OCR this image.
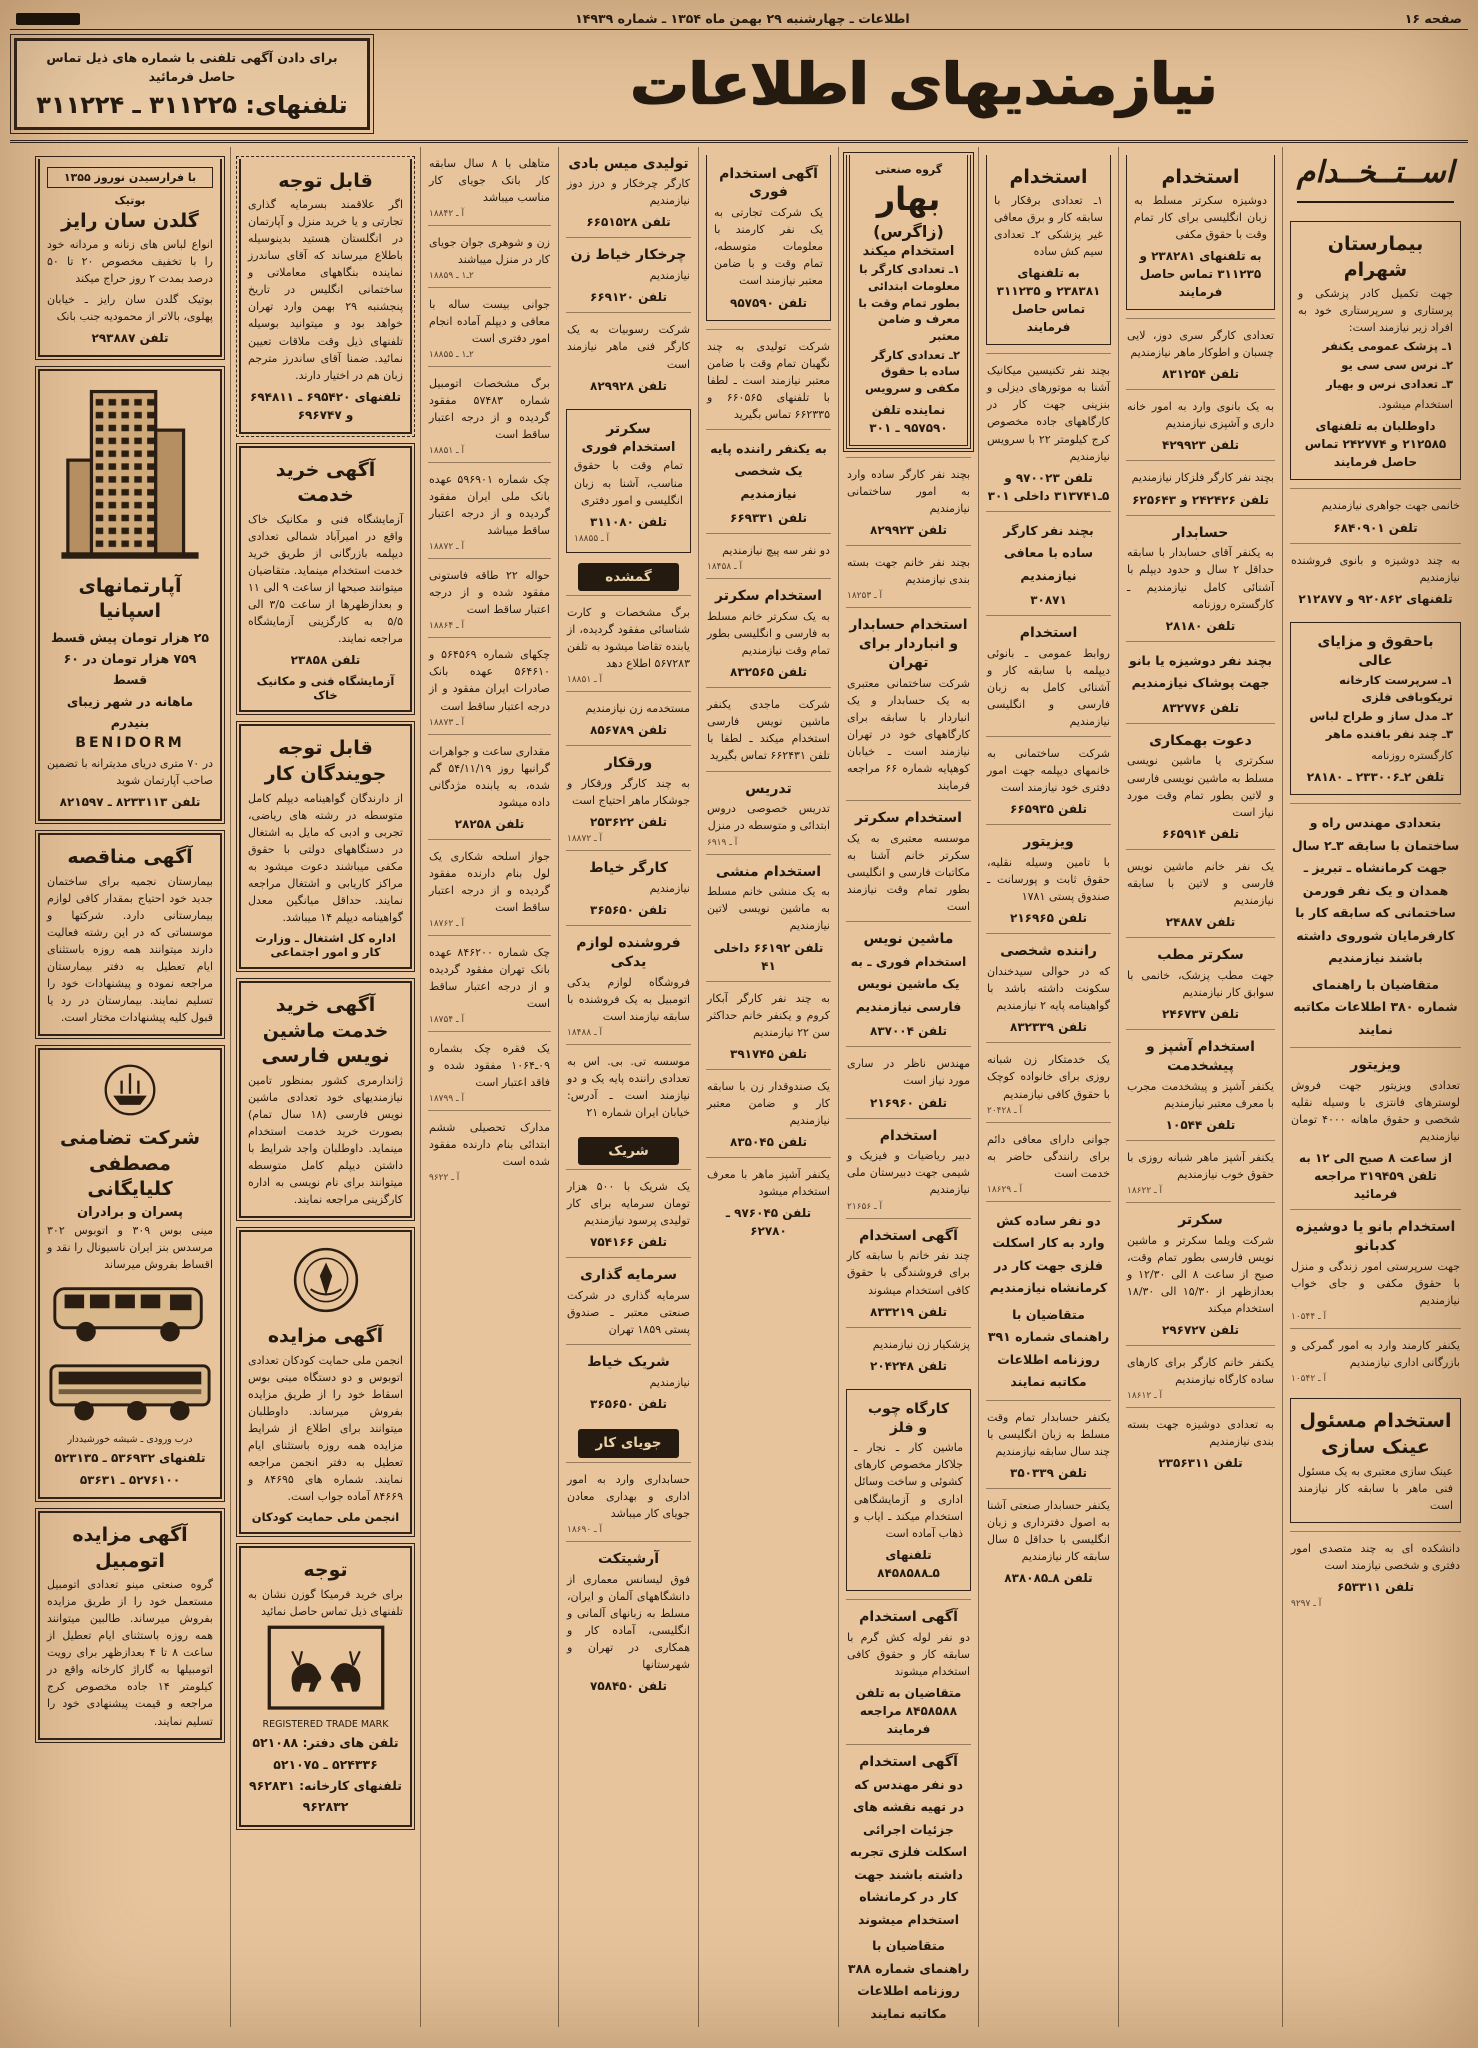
صفحه ۱۶
اطلاعات ـ چهارشنبه ۲۹ بهمن ماه ۱۳۵۴ ـ شماره ۱۴۹۳۹
نیازمندیهای اطلاعات
برای دادن آگهی تلفنی با شماره های ذیل تماس حاصل فرمائید
تلفنهای: ۳۱۱۲۲۵ ـ ۳۱۱۲۲۴
اســتــخــدام
بیمارستان
شهرام
جهت تکمیل کادر پزشکی و پرستاری و سرپرستاری خود به افراد زیر نیازمند است:
۱ـ پزشک عمومی یکنفر
۲ـ نرس سی سی یو
۳ـ تعدادی نرس و بهیار
استخدام میشود.
داوطلبان به تلفنهای ۲۱۲۵۸۵ و ۲۴۲۷۷۴ تماس حاصل فرمایند
خانمی جهت جواهری نیازمندیم
تلفن ۶۸۴۰۹۰۱
به چند دوشیزه و بانوی فروشنده نیازمندیم
تلفنهای ۹۲۰۸۶۲ و ۲۱۲۸۷۷
باحقوق و مزایای عالی
۱ـ سرپرست کارخانه تریکوبافی فلزی
۲ـ مدل ساز و طراح لباس
۳ـ چند نفر بافنده ماهر
کارگستره روزنامه
تلفن ۲ـ۲۳۳۰۰۶ ـ ۲۸۱۸۰
بتعدادی مهندس راه و ساختمان با سابقه ۳ـ۲ سال جهت کرمانشاه ـ تبریز ـ همدان و یک نفر فورمن ساختمانی که سابقه کار با کارفرمایان شوروی داشته باشند نیازمندیم
متقاضیان با راهنمای شماره ۳۸۰ اطلاعات مکاتبه نمایند
ویزیتور
تعدادی ویزیتور جهت فروش لوسترهای فانتزی با وسیله نقلیه شخصی و حقوق ماهانه ۴۰۰۰ تومان نیازمندیم
از ساعت ۸ صبح الی ۱۲ به تلفن ۳۱۹۴۵۹ مراجعه فرمائید
استخدام بانو یا دوشیزه کدبانو
جهت سرپرستی امور زندگی و منزل با حقوق مکفی و جای خواب نیازمندیم
آ ـ ۱۰۵۴۴
یکنفر کارمند وارد به امور گمرکی و بازرگانی اداری نیازمندیم
آ ـ ۱۰۵۴۲
استخدام مسئول
عینک سازی
عینک سازی معتبری به یک مسئول فنی ماهر با سابقه کار نیازمند است
دانشکده ای به چند متصدی امور دفتری و شخصی نیازمند است
تلفن ۶۵۳۳۱۱
آ ـ ۹۲۹۷
استخدام
دوشیزه سکرتر مسلط به زبان انگلیسی برای کار تمام وقت با حقوق مکفی
به تلفنهای ۲۳۸۲۸۱ و ۳۱۱۲۳۵ تماس حاصل فرمایند
تعدادی کارگر سری دوز، لایی چسبان و اطوکار ماهر نیازمندیم
تلفن ۸۳۱۲۵۴
به یک بانوی وارد به امور خانه داری و آشپزی نیازمندیم
تلفن ۴۲۹۹۲۳
بچند نفر کارگر فلزکار نیازمندیم
تلفن ۲۴۲۴۲۶ و ۶۲۵۶۴۳
حسابدار
به یکنفر آقای حسابدار با سابقه حداقل ۲ سال و حدود دیپلم با آشنائی کامل نیازمندیم ـ کارگستره روزنامه
تلفن ۲۸۱۸۰
بچند نفر دوشیزه یا بانو جهت پوشاک نیازمندیم
تلفن ۸۳۲۷۷۶
دعوت بهمکاری
سکرتری یا ماشین نویسی مسلط به ماشین نویسی فارسی و لاتین بطور تمام وقت مورد نیاز است
تلفن ۶۶۵۹۱۴
یک نفر خانم ماشین نویس فارسی و لاتین با سابقه نیازمندیم
تلفن ۲۴۸۸۷
سکرتر مطب
جهت مطب پزشک، خانمی با سوابق کار نیازمندیم
تلفن ۲۴۶۷۳۷
استخدام آشپز و پیشخدمت
یکنفر آشپز و پیشخدمت مجرب با معرف معتبر نیازمندیم
تلفن ۱۰۵۴۴
یکنفر آشپز ماهر شبانه روزی با حقوق خوب نیازمندیم
آ ـ ۱۸۶۲۲
سکرتر
شرکت ویلما سکرتر و ماشین نویس فارسی بطور تمام وقت، صبح از ساعت ۸ الی ۱۲/۳۰ و بعدازظهر از ۱۵/۳۰ الی ۱۸/۳۰ استخدام میکند
تلفن ۲۹۶۷۲۷
یکنفر خانم کارگر برای کارهای ساده کارگاه نیازمندیم
آ ـ ۱۸۶۱۲
به تعدادی دوشیزه جهت بسته بندی نیازمندیم
تلفن ۲۳۵۶۳۱۱
استخدام
۱ـ تعدادی برقکار با سابقه کار و برق معافی غیر پزشکی ۲ـ تعدادی سیم کش ساده
به تلفنهای ۲۳۸۳۸۱ و ۳۱۱۲۳۵ تماس حاصل فرمایند
بچند نفر تکنیسین میکانیک آشنا به موتورهای دیزلی و بنزینی جهت کار در کارگاههای جاده مخصوص کرج کیلومتر ۲۲ با سرویس نیازمندیم
تلفن ۹۷۰۰۲۳ و ۵ـ۳۱۳۷۴۱ داخلی ۳۰۱
بچند نفر کارگر ساده با معافی نیازمندیم
۳۰۸۷۱
استخدام
روابط عمومی ـ بانوئی دیپلمه با سابقه کار و آشنائی کامل به زبان فارسی و انگلیسی نیازمندیم
شرکت ساختمانی به خانمهای دیپلمه جهت امور دفتری خود نیازمند است
تلفن ۶۶۵۹۳۵
ویزیتور
با تامین وسیله نقلیه، حقوق ثابت و پورسانت ـ صندوق پستی ۱۷۸۱
تلفن ۲۱۶۹۶۵
راننده شخصی
که در حوالی سیدخندان سکونت داشته باشد با گواهینامه پایه ۲ نیازمندیم
تلفن ۸۳۲۳۳۹
یک خدمتکار زن شبانه روزی برای خانواده کوچک با حقوق کافی نیازمندیم
آ ـ ۲۰۴۲۸
جوانی دارای معافی دائم برای رانندگی حاضر به خدمت است
آ ـ ۱۸۶۲۹
دو نفر ساده کش وارد به کار اسکلت فلزی جهت کار در کرمانشاه نیازمندیم
متقاضیان با راهنمای شماره ۳۹۱ روزنامه اطلاعات مکاتبه نمایند
یکنفر حسابدار تمام وقت مسلط به زبان انگلیسی با چند سال سابقه نیازمندیم
تلفن ۳۵۰۳۳۹
یکنفر حسابدار صنعتی آشنا به اصول دفترداری و زبان انگلیسی با حداقل ۵ سال سابقه کار نیازمندیم
تلفن ۸ـ۸۳۸۰۸۵
گروه صنعتی
بهار
(زاگرس)
استخدام میکند
۱ـ تعدادی کارگر با معلومات ابتدائی بطور تمام وقت با معرف و ضامن معتبر
۲ـ تعدادی کارگر ساده با حقوق مکفی و سرویس
نماینده تلفن ۹۵۷۵۹۰ ـ ۳۰۱
بچند نفر کارگر ساده وارد به امور ساختمانی نیازمندیم
تلفن ۸۲۹۹۲۳
بچند نفر خانم جهت بسته بندی نیازمندیم
آ ـ ۱۸۲۵۳
استخدام حسابدار
و انباردار برای تهران
شرکت ساختمانی معتبری به یک حسابدار و یک انباردار با سابقه برای کارگاههای خود در تهران نیازمند است ـ خیابان کوهپایه شماره ۶۶ مراجعه فرمایند
استخدام سکرتر
موسسه معتبری به یک سکرتر خانم آشنا به مکاتبات فارسی و انگلیسی بطور تمام وقت نیازمند است
ماشین نویس
استخدام فوری ـ به یک ماشین نویس فارسی نیازمندیم
تلفن ۸۳۷۰۰۴
مهندس ناظر در ساری مورد نیاز است
تلفن ۲۱۶۹۶۰
استخدام
دبیر ریاضیات و فیزیک و شیمی جهت دبیرستان ملی نیازمندیم
آ ـ ۲۱۶۵۶
آگهی استخدام
چند نفر خانم با سابقه کار برای فروشندگی با حقوق کافی استخدام میشوند
تلفن ۸۳۳۲۱۹
پزشکیار زن نیازمندیم
تلفن ۲۰۴۲۴۸
کارگاه چوب
و فلز
ماشین کار ـ نجار ـ جلاکار مخصوص کارهای کشوئی و ساخت وسائل اداری و آزمایشگاهی استخدام میکند ـ ایاب و ذهاب آماده است
تلفنهای ۵ـ۸۴۵۸۵۸۸
آگهی استخدام
دو نفر لوله کش گرم با سابقه کار و حقوق کافی استخدام میشوند
متقاضیان به تلفن ۸۴۵۸۵۸۸ مراجعه فرمایند
آگهی استخدام
دو نفر مهندس که در تهیه نقشه های جزئیات اجرائی اسکلت فلزی تجربه داشته باشند جهت کار در کرمانشاه استخدام میشوند
متقاضیان با راهنمای شماره ۳۸۸ روزنامه اطلاعات مکاتبه نمایند
آگهی استخدام
فوری
یک شرکت تجارتی به یک نفر کارمند با معلومات متوسطه، تمام وقت و با ضامن معتبر نیازمند است
تلفن ۹۵۷۵۹۰
شرکت تولیدی به چند نگهبان تمام وقت با ضامن معتبر نیازمند است ـ لطفا با تلفنهای ۶۶۰۵۶۵ و ۶۶۲۳۳۵ تماس بگیرید
به یکنفر راننده پایه یک شخصی نیازمندیم
تلفن ۶۶۹۳۳۱
دو نفر سه پیچ نیازمندیم
آ ـ ۱۸۴۵۸
استخدام سکرتر
به یک سکرتر خانم مسلط به فارسی و انگلیسی بطور تمام وقت نیازمندیم
تلفن ۸۳۲۵۶۵
شرکت ماجدی یکنفر ماشین نویس فارسی استخدام میکند ـ لطفا با تلفن ۶۶۲۴۳۱ تماس بگیرید
تدریس
تدریس خصوصی دروس ابتدائی و متوسطه در منزل
آ ـ ۶۹۱۹
استخدام منشی
به یک منشی خانم مسلط به ماشین نویسی لاتین نیازمندیم
تلفن ۶۶۱۹۲ داخلی ۴۱
به چند نفر کارگر آبکار کروم و یکنفر خانم حداکثر سن ۲۲ نیازمندیم
تلفن ۳۹۱۷۴۵
یک صندوقدار زن با سابقه کار و ضامن معتبر نیازمندیم
تلفن ۸۳۵۰۴۵
یکنفر آشپز ماهر با معرف استخدام میشود
تلفن ۹۷۶۰۴۵ ـ ۶۲۷۸۰
تولیدی میس بادی
کارگر چرخکار و درز دوز نیازمندیم
تلفن ۶۶۵۱۵۲۸
چرخکار خیاط زن
نیازمندیم
تلفن ۶۶۹۱۲۰
شرکت رسوبیات به یک کارگر فنی ماهر نیازمند است
تلفن ۸۲۹۹۲۸
سکرتر
استخدام فوری
تمام وقت با حقوق مناسب، آشنا به زبان انگلیسی و امور دفتری
تلفن ۳۱۱۰۸۰
آ ـ ۱۸۸۵۵
گمشده
برگ مشخصات و کارت شناسائی مفقود گردیده، از یابنده تقاضا میشود به تلفن ۵۶۷۲۸۳ اطلاع دهد
آ ـ ۱۸۸۵۱
مستخدمه زن نیازمندیم
تلفن ۸۵۶۷۸۹
ورقکار
به چند کارگر ورقکار و جوشکار ماهر احتیاج است
تلفن ۲۵۳۶۲۲
آ ـ ۱۸۸۷۲
کارگر خیاط
نیازمندیم
تلفن ۳۶۵۶۵۰
فروشنده لوازم یدکی
فروشگاه لوازم یدکی اتومبیل به یک فروشنده با سابقه نیازمند است
آ ـ ۱۸۴۸۸
موسسه تی. بی. اس به تعدادی راننده پایه یک و دو نیازمند است ـ آدرس: خیابان ایران شماره ۲۱
شریک
یک شریک با ۵۰۰ هزار تومان سرمایه برای کار تولیدی پرسود نیازمندیم
تلفن ۷۵۴۱۶۶
سرمایه گذاری
سرمایه گذاری در شرکت صنعتی معتبر ـ صندوق پستی ۱۸۵۹ تهران
شریک خیاط
نیازمندیم
تلفن ۳۶۵۶۵۰
جویای کار
حسابداری وارد به امور اداری و بهداری معادن جویای کار میباشد
آ ـ ۱۸۶۹۰
آرشیتکت
فوق لیسانس معماری از دانشگاههای آلمان و ایران، مسلط به زبانهای آلمانی و انگلیسی، آماده کار و همکاری در تهران و شهرستانها
تلفن ۷۵۸۴۵۰
متاهلی با ۸ سال سابقه کار بانک جویای کار مناسب میباشد
آ ـ ۱۸۸۴۲
زن و شوهری جوان جویای کار در منزل میباشند
۲ـ۱ ـ ۱۸۸۵۹
جوانی بیست ساله با معافی و دیپلم آماده انجام امور دفتری است
۲ـ۱ ـ ۱۸۸۵۵
برگ مشخصات اتومبیل شماره ۵۷۴۸۳ مفقود گردیده و از درجه اعتبار ساقط است
آ ـ ۱۸۸۵۱
چک شماره ۵۹۶۹۰۱ عهده بانک ملی ایران مفقود گردیده و از درجه اعتبار ساقط میباشد
آ ـ ۱۸۸۷۲
حواله ۲۲ طاقه فاستونی مفقود شده و از درجه اعتبار ساقط است
آ ـ ۱۸۸۶۴
چکهای شماره ۵۶۴۵۶۹ و ۵۶۴۶۱۰ عهده بانک صادرات ایران مفقود و از درجه اعتبار ساقط است
آ ـ ۱۸۸۷۳
مقداری ساعت و جواهرات گرانبها روز ۵۴/۱۱/۱۹ گم شده، به یابنده مژدگانی داده میشود
تلفن ۲۸۲۵۸
جواز اسلحه شکاری یک لول بنام دارنده مفقود گردیده و از درجه اعتبار ساقط است
آ ـ ۱۸۷۶۲
چک شماره ۸۴۶۲۰۰ عهده بانک تهران مفقود گردیده و از درجه اعتبار ساقط است
آ ـ ۱۸۷۵۴
یک فقره چک بشماره ۰۹ـ۱۰۶۴ مفقود شده و فاقد اعتبار است
آ ـ ۱۸۷۹۹
مدارک تحصیلی ششم ابتدائی بنام دارنده مفقود شده است
آ ـ ۹۶۲۲
قابل توجه
اگر علاقمند بسرمایه گذاری تجارتی و یا خرید منزل و آپارتمان در انگلستان هستید بدینوسیله باطلاع میرساند که آقای ساندرز نماینده بنگاههای معاملاتی و ساختمانی انگلیس در تاریخ پنجشنبه ۲۹ بهمن وارد تهران خواهد بود و میتوانید بوسیله تلفنهای ذیل وقت ملاقات تعیین نمائید. ضمنا آقای ساندرز مترجم زبان هم در اختیار دارند.
تلفنهای ۶۹۵۴۲۰ ـ ۶۹۴۸۱۱ و ۶۹۶۷۴۷
آگهی خرید خدمت
آزمایشگاه فنی و مکانیک خاک واقع در امیرآباد شمالی تعدادی دیپلمه بازرگانی از طریق خرید خدمت استخدام مینماید. متقاضیان میتوانند صبحها از ساعت ۹ الی ۱۱ و بعدازظهرها از ساعت ۳/۵ الی ۵/۵ به کارگزینی آزمایشگاه مراجعه نمایند.
تلفن ۲۳۸۵۸
آزمایشگاه فنی و مکانیک خاک
قابل توجه جویندگان کار
از دارندگان گواهینامه دیپلم کامل متوسطه در رشته های ریاضی، تجربی و ادبی که مایل به اشتغال در دستگاههای دولتی با حقوق مکفی میباشند دعوت میشود به مراکز کاریابی و اشتغال مراجعه نمایند. حداقل میانگین معدل گواهینامه دیپلم ۱۴ میباشد.
اداره کل اشتغال ـ وزارت کار و امور اجتماعی
آگهی خرید خدمت ماشین نویس فارسی
ژاندارمری کشور بمنظور تامین نیازمندیهای خود تعدادی ماشین نویس فارسی (۱۸ سال تمام) بصورت خرید خدمت استخدام مینماید. داوطلبان واجد شرایط با داشتن دیپلم کامل متوسطه میتوانند برای نام نویسی به اداره کارگزینی مراجعه نمایند.
آگهی مزایده
انجمن ملی حمایت کودکان تعدادی اتوبوس و دو دستگاه مینی بوس اسقاط خود را از طریق مزایده بفروش میرساند. داوطلبان میتوانند برای اطلاع از شرایط مزایده همه روزه باستثنای ایام تعطیل به دفتر انجمن مراجعه نمایند. شماره های ۸۴۶۹۵ و ۸۴۶۶۹ آماده جواب است.
انجمن ملی حمایت کودکان
توجه
برای خرید فرمیکا گوزن نشان به تلفنهای ذیل تماس حاصل نمائید
REGISTERED TRADE MARK
تلفن های دفتر: ۵۲۱۰۸۸
۵۲۴۳۳۶ ـ ۵۲۱۰۷۵
تلفنهای کارخانه: ۹۶۲۸۳۱
۹۶۲۸۳۲
با فرارسیدن نوروز ۱۳۵۵
بوتیک
گلدن سان رایز
انواع لباس های زنانه و مردانه خود را با تخفیف مخصوص ۲۰ تا ۵۰ درصد بمدت ۲ روز حراج میکند
بوتیک گلدن سان رایز ـ خیابان پهلوی، بالاتر از محمودیه جنب بانک
تلفن ۲۹۳۸۸۷
آپارتمانهای اسپانیا
۲۵ هزار تومان پیش قسط
۷۵۹ هزار تومان در ۶۰ قسط
ماهانه در شهر زیبای بنیدرم
BENIDORM
در ۷۰ متری دریای مدیترانه با تضمین صاحب آپارتمان شوید
تلفن ۸۲۳۳۱۱۳ ـ ۸۲۱۵۹۷
آگهی مناقصه
بیمارستان نجمیه برای ساختمان جدید خود احتیاج بمقدار کافی لوازم بیمارستانی دارد. شرکتها و موسساتی که در این رشته فعالیت دارند میتوانند همه روزه باستثنای ایام تعطیل به دفتر بیمارستان مراجعه نموده و پیشنهادات خود را تسلیم نمایند. بیمارستان در رد یا قبول کلیه پیشنهادات مختار است.
شرکت تضامنی مصطفی کلیایگانی
پسران و برادران
مینی بوس ۳۰۹ و اتوبوس ۳۰۲ مرسدس بنز ایران ناسیونال را نقد و اقساط بفروش میرساند
درب ورودی ـ شیشه خورشیددار
تلفنهای ۵۳۶۹۳۲ ـ ۵۲۳۱۳۵
۵۲۷۶۱۰۰ ـ ۵۳۶۳۱
آگهی مزایده اتومبیل
گروه صنعتی مینو تعدادی اتومبیل مستعمل خود را از طریق مزایده بفروش میرساند. طالبین میتوانند همه روزه باستثنای ایام تعطیل از ساعت ۸ تا ۴ بعدازظهر برای رویت اتومبیلها به گاراژ کارخانه واقع در کیلومتر ۱۴ جاده مخصوص کرج مراجعه و قیمت پیشنهادی خود را تسلیم نمایند.
